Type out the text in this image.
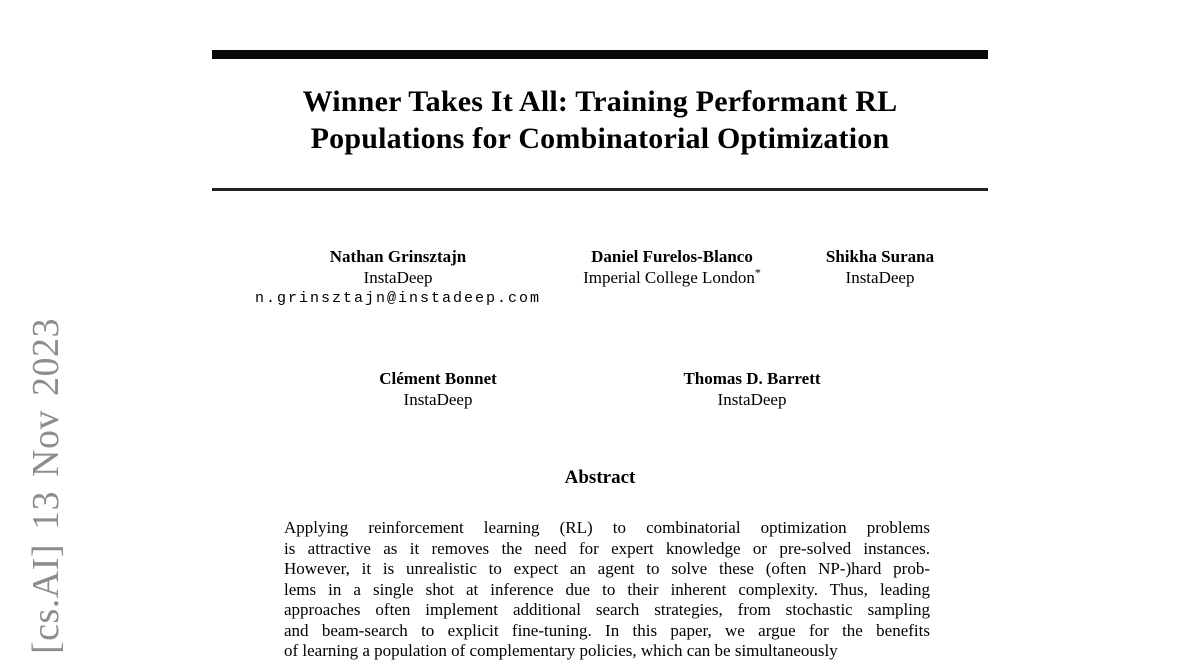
[cs.AI] 13 Nov 2023
Winner Takes It All: Training Performant RL
Populations for Combinatorial Optimization
Nathan Grinsztajn
InstaDeep
n.grinsztajn@instadeep.com
Daniel Furelos-Blanco
Imperial College London*
Shikha Surana
InstaDeep
Clément Bonnet
InstaDeep
Thomas D. Barrett
InstaDeep
Abstract
Applying reinforcement learning (RL) to combinatorial optimization problems
is attractive as it removes the need for expert knowledge or pre-solved instances.
However, it is unrealistic to expect an agent to solve these (often NP-)hard prob-
lems in a single shot at inference due to their inherent complexity. Thus, leading
approaches often implement additional search strategies, from stochastic sampling
and beam-search to explicit fine-tuning. In this paper, we argue for the benefits
of learning a population of complementary policies, which can be simultaneously
